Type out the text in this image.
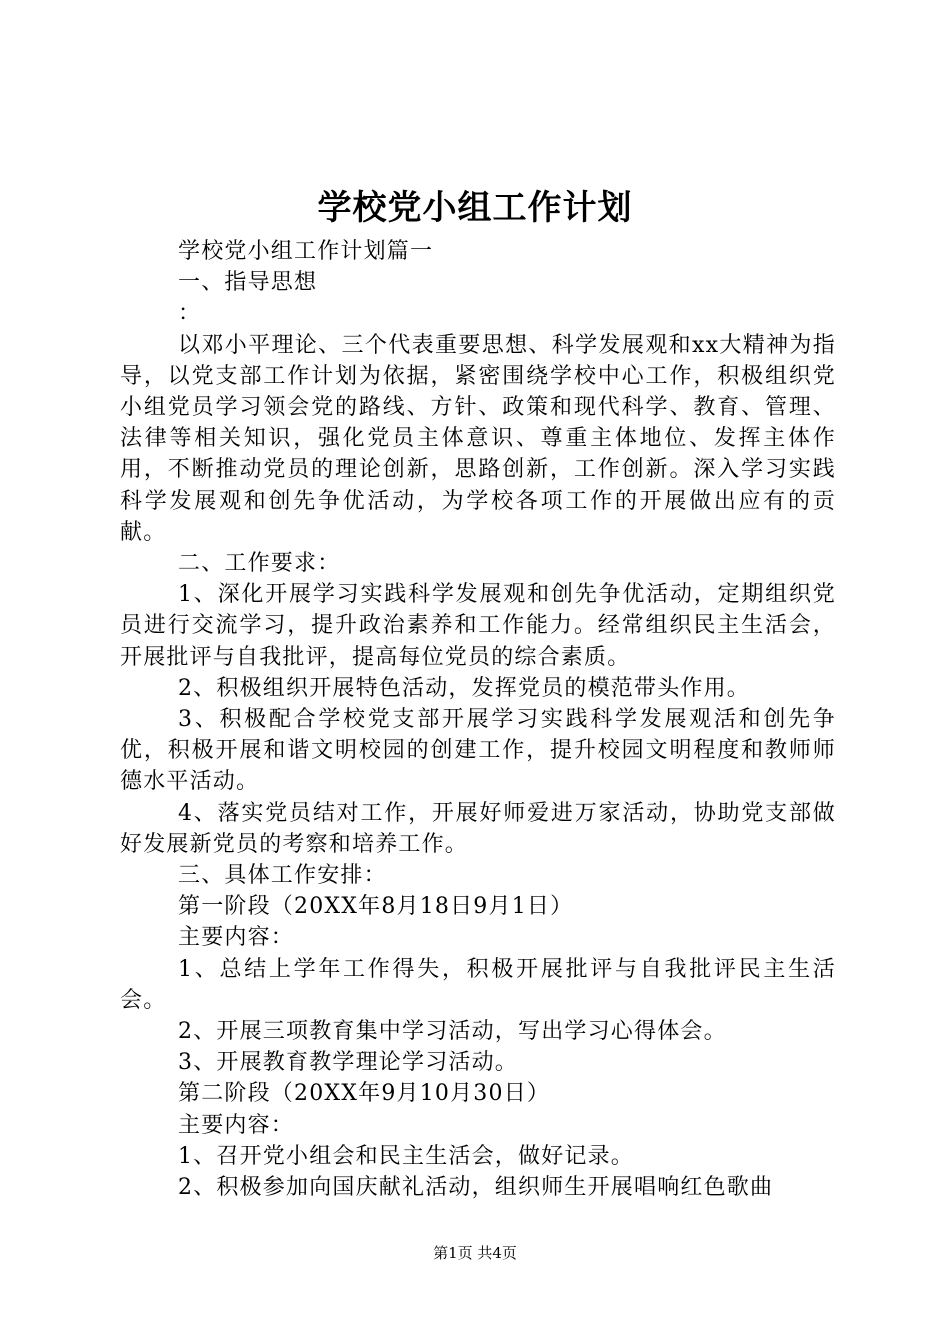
学校党小组工作计划

学校党小组工作计划篇一

一、指导思想

：

以邓小平理论、三个代表重要思想、科学发展观和xx大精神为指导，以党支部工作计划为依据，紧密围绕学校中心工作，积极组织党小组党员学习领会党的路线、方针、政策和现代科学、教育、管理、法律等相关知识，强化党员主体意识、尊重主体地位、发挥主体作用，不断推动党员的理论创新，思路创新，工作创新。深入学习实践科学发展观和创先争优活动，为学校各项工作的开展做出应有的贡献。

二、工作要求：

1、深化开展学习实践科学发展观和创先争优活动，定期组织党员进行交流学习，提升政治素养和工作能力。经常组织民主生活会，开展批评与自我批评，提高每位党员的综合素质。

2、积极组织开展特色活动，发挥党员的模范带头作用。

3、积极配合学校党支部开展学习实践科学发展观活和创先争优，积极开展和谐文明校园的创建工作，提升校园文明程度和教师师德水平活动。

4、落实党员结对工作，开展好师爱进万家活动，协助党支部做好发展新党员的考察和培养工作。

三、具体工作安排：

第一阶段（20XX年8月18日9月1日）

主要内容：

1、总结上学年工作得失，积极开展批评与自我批评民主生活会。

2、开展三项教育集中学习活动，写出学习心得体会。

3、开展教育教学理论学习活动。

第二阶段（20XX年9月10月30日）

主要内容：

1、召开党小组会和民主生活会，做好记录。

2、积极参加向国庆献礼活动，组织师生开展唱响红色歌曲

第1页 共4页
